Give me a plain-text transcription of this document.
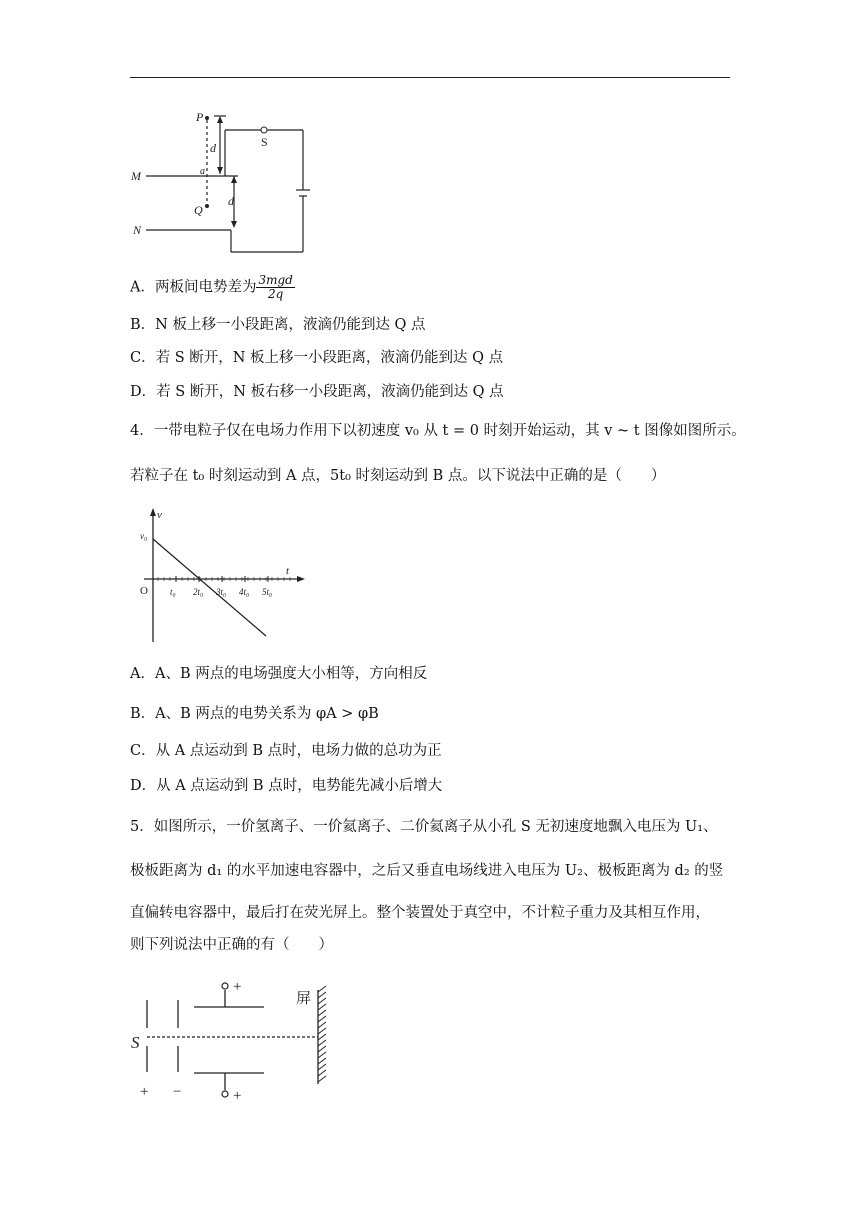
P
S
d
M	a
Q
d
N
A．两板间电势差为 $\frac{\text{3mgd}}{2q}$
B．N 板上移一小段距离，液滴仍能到达 Q 点
C．若 S 断开，N 板上移一小段距离，液滴仍能到达 Q 点
D．若 S 断开，N 板右移一小段距离，液滴仍能到达 Q 点
4．一带电粒子仅在电场力作用下以初速度 v₀ 从 t = 0 时刻开始运动，其 v ~ t 图像如图所示。
若粒子在 t₀ 时刻运动到 A 点，5t₀ 时刻运动到 B 点。以下说法中正确的是（　　）
v
t
O
v₀
t₀ 2t₀ 3t₀ 4t₀ 5t₀
A．A、B 两点的电场强度大小相等，方向相反
B．A、B 两点的电势关系为 φA > φB
C．从 A 点运动到 B 点时，电场力做的总功为正
D．从 A 点运动到 B 点时，电势能先减小后增大
5．如图所示，一价氢离子、一价氦离子、二价氦离子从小孔 S 无初速度地飘入电压为 U₁、
极板距离为 d₁ 的水平加速电容器中，之后又垂直电场线进入电压为 U₂、极板距离为 d₂ 的竖
直偏转电容器中，最后打在荧光屏上。整个装置处于真空中，不计粒子重力及其相互作用，
则下列说法中正确的有（　　）
+
+
屏
S
+ −
